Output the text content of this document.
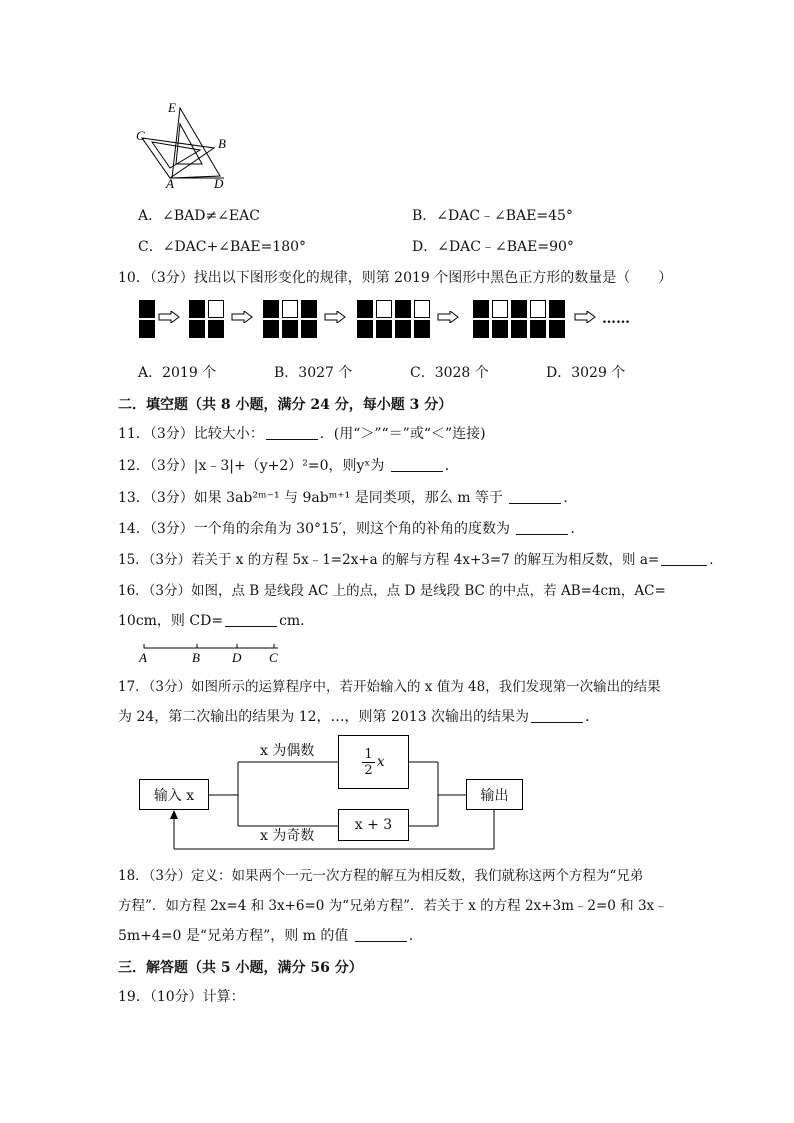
E
C
B
A	D
A．∠BAD≠∠EAC	B．∠DAC﹣∠BAE=45°
C．∠DAC+∠BAE=180°	D．∠DAC﹣∠BAE=90°
10．（3分）找出以下图形变化的规律，则第 2019 个图形中黑色正方形的数量是（　　）
……
A．2019 个	B．3027 个	C．3028 个	D．3029 个
二．填空题（共 8 小题，满分 24 分，每小题 3 分）
11．（3分）比较大小：	．(用“＞”“＝”或“＜”连接)
12．（3分）|x﹣3|+（y+2）²=0，则yˣ为	．
13．（3分）如果 3ab²ᵐ⁻¹ 与 9abᵐ⁺¹ 是同类项，那么 m 等于	．
14．（3分）一个角的余角为 30°15′，则这个角的补角的度数为	．
15．（3分）若关于 x 的方程 5x﹣1=2x+a 的解与方程 4x+3=7 的解互为相反数，则 a=	．
16．（3分）如图，点 B 是线段 AC 上的点，点 D 是线段 BC 的中点，若 AB=4cm，AC=
10cm，则 CD=	cm．
A	B D C
17．（3分）如图所示的运算程序中，若开始输入的 x 值为 48，我们发现第一次输出的结果
为 24，第二次输出的结果为 12，…，则第 2013 次输出的结果为	．
输入 x
x 为偶数
x 为奇数
$\frac{1}{2}$ x
x + 3
输出
18．（3分）定义：如果两个一元一次方程的解互为相反数，我们就称这两个方程为“兄弟
方程”．如方程 2x=4 和 3x+6=0 为“兄弟方程”．若关于 x 的方程 2x+3m﹣2=0 和 3x﹣
5m+4=0 是“兄弟方程”，则 m 的值	．
三．解答题（共 5 小题，满分 56 分）
19．（10分）计算：
